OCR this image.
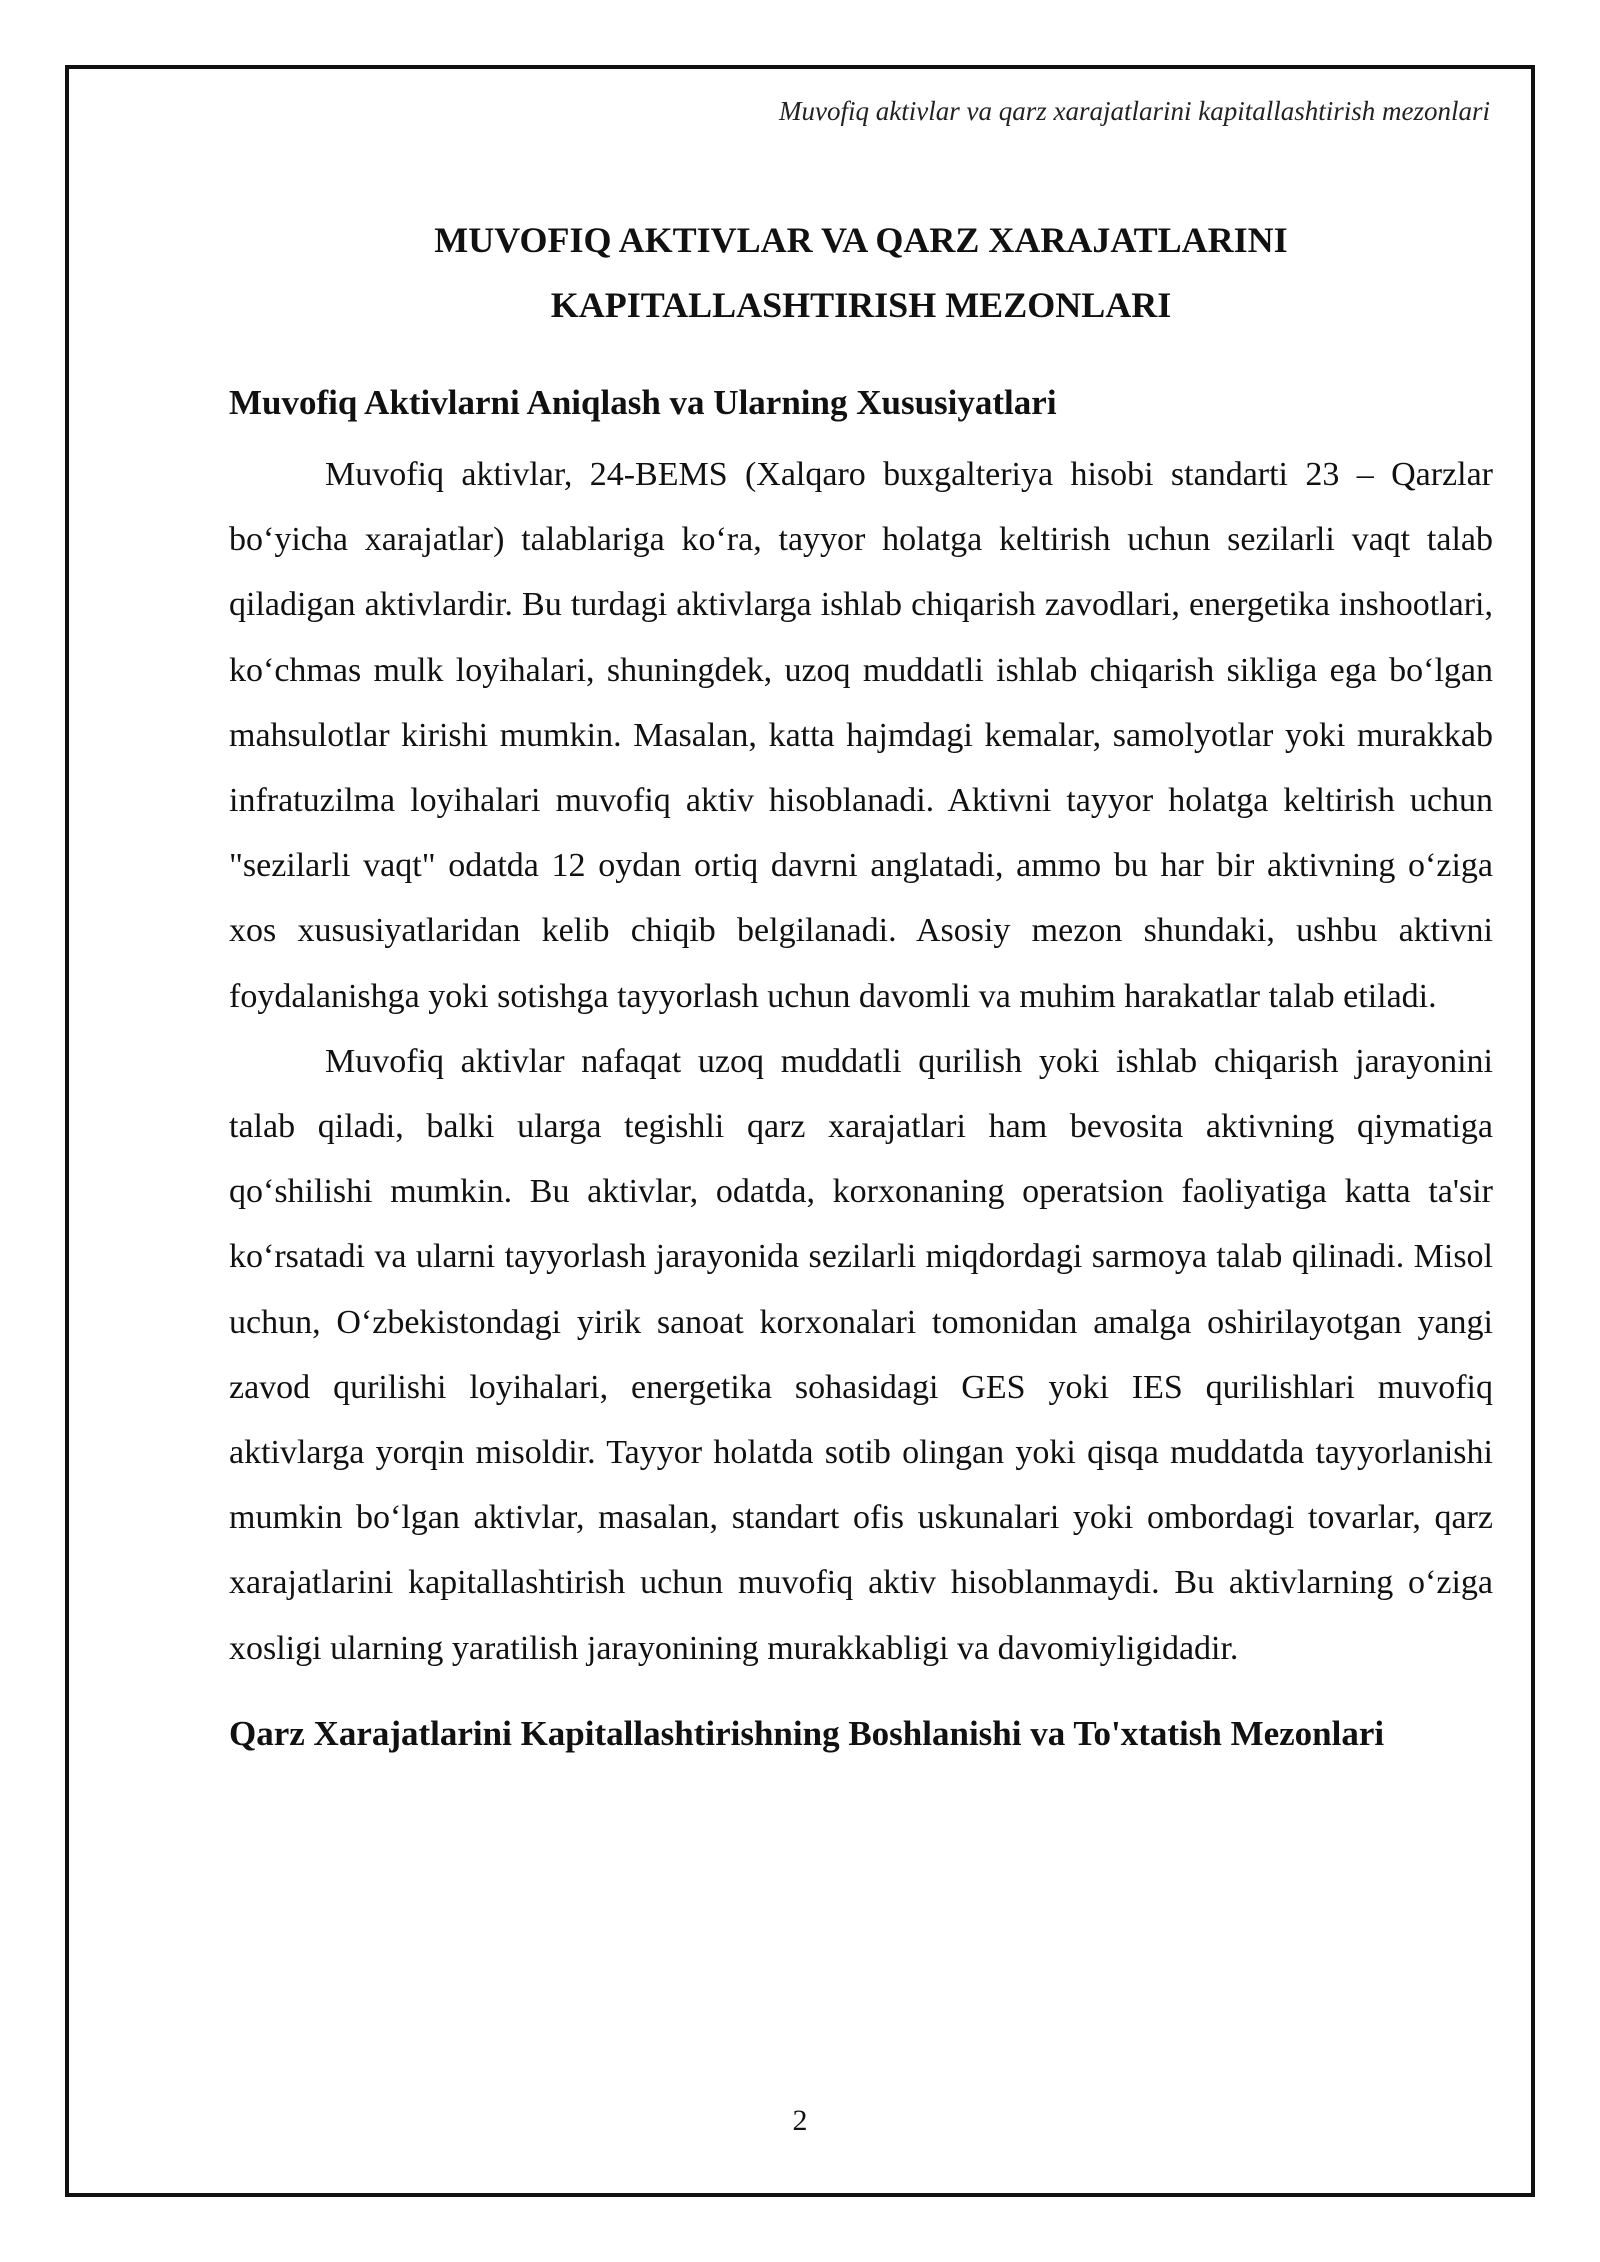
Muvofiq aktivlar va qarz xarajatlarini kapitallashtirish mezonlari
MUVOFIQ AKTIVLAR VA QARZ XARAJATLARINI
KAPITALLASHTIRISH MEZONLARI
Muvofiq Aktivlarni Aniqlash va Ularning Xususiyatlari

Muvofiq aktivlar, 24-BEMS (Xalqaro buxgalteriya hisobi standarti 23 – Qarzlar bo‘yicha xarajatlar) talablariga ko‘ra, tayyor holatga keltirish uchun sezilarli vaqt talab qiladigan aktivlardir. Bu turdagi aktivlarga ishlab chiqarish zavodlari, energetika inshootlari, ko‘chmas mulk loyihalari, shuningdek, uzoq muddatli ishlab chiqarish sikliga ega bo‘lgan mahsulotlar kirishi mumkin. Masalan, katta hajmdagi kemalar, samolyotlar yoki murakkab infratuzilma loyihalari muvofiq aktiv hisoblanadi. Aktivni tayyor holatga keltirish uchun "sezilarli vaqt" odatda 12 oydan ortiq davrni anglatadi, ammo bu har bir aktivning o‘ziga xos xususiyatlaridan kelib chiqib belgilanadi. Asosiy mezon shundaki, ushbu aktivni foydalanishga yoki sotishga tayyorlash uchun davomli va muhim harakatlar talab etiladi.

Muvofiq aktivlar nafaqat uzoq muddatli qurilish yoki ishlab chiqarish jarayonini talab qiladi, balki ularga tegishli qarz xarajatlari ham bevosita aktivning qiymatiga qo‘shilishi mumkin. Bu aktivlar, odatda, korxonaning operatsion faoliyatiga katta ta'sir ko‘rsatadi va ularni tayyorlash jarayonida sezilarli miqdordagi sarmoya talab qilinadi. Misol uchun, O‘zbekistondagi yirik sanoat korxonalari tomonidan amalga oshirilayotgan yangi zavod qurilishi loyihalari, energetika sohasidagi GES yoki IES qurilishlari muvofiq aktivlarga yorqin misoldir. Tayyor holatda sotib olingan yoki qisqa muddatda tayyorlanishi mumkin bo‘lgan aktivlar, masalan, standart ofis uskunalari yoki ombordagi tovarlar, qarz xarajatlarini kapitallashtirish uchun muvofiq aktiv hisoblanmaydi. Bu aktivlarning o‘ziga xosligi ularning yaratilish jarayonining murakkabligi va davomiyligidadir.

Qarz Xarajatlarini Kapitallashtirishning Boshlanishi va To'xtatish Mezonlari
2
